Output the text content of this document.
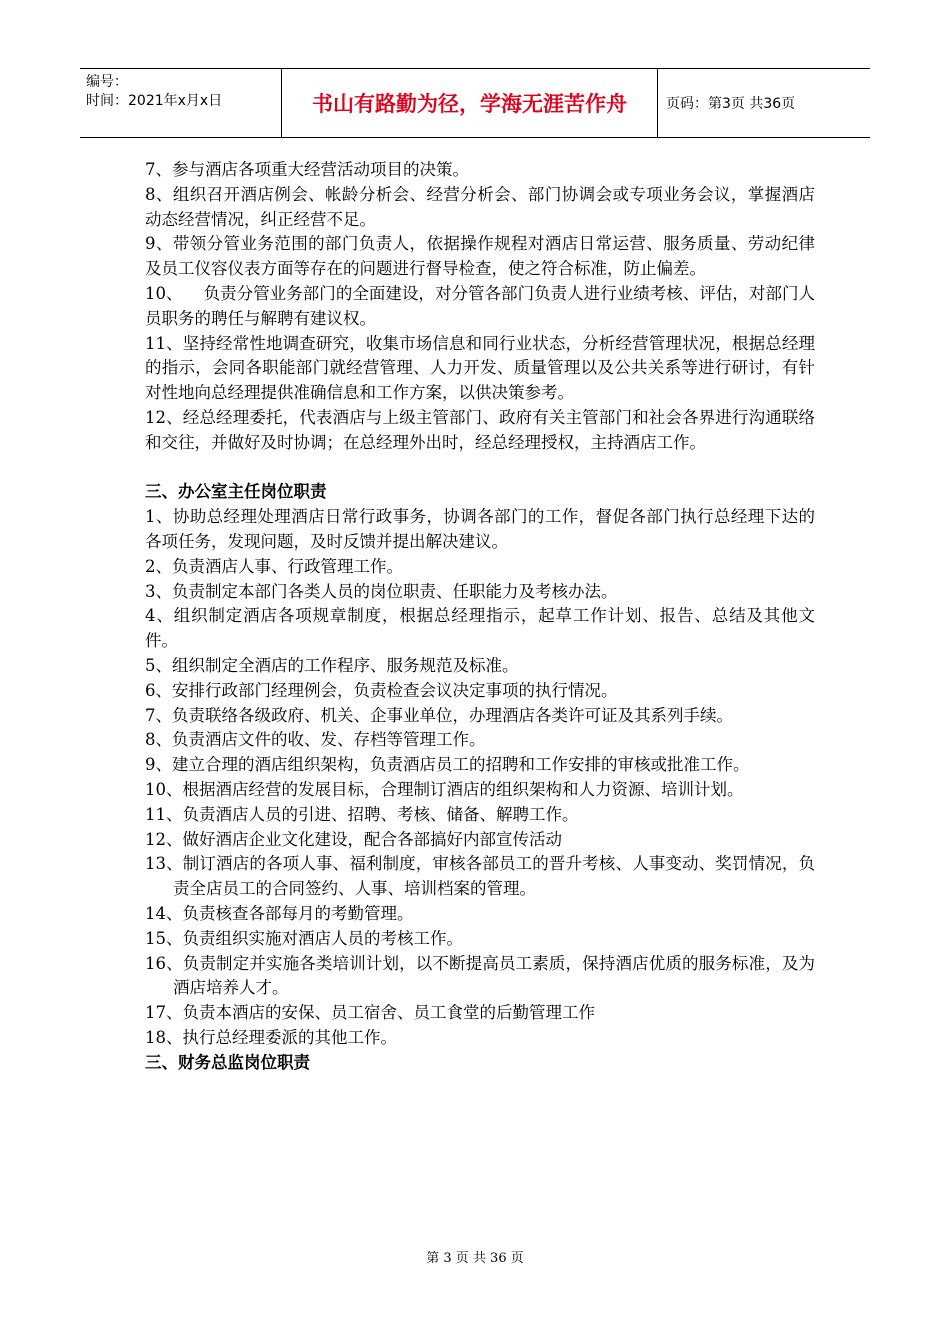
编号：
时间：2021年x月x日	书山有路勤为径，学海无涯苦作舟	页码：第3页 共36页

7、参与酒店各项重大经营活动项目的决策。

8、组织召开酒店例会、帐龄分析会、经营分析会、部门协调会或专项业务会议，掌握酒店动态经营情况，纠正经营不足。

9、带领分管业务范围的部门负责人，依据操作规程对酒店日常运营、服务质量、劳动纪律及员工仪容仪表方面等存在的问题进行督导检查，使之符合标准，防止偏差。

10、    负责分管业务部门的全面建设，对分管各部门负责人进行业绩考核、评估，对部门人员职务的聘任与解聘有建议权。

11、坚持经常性地调查研究，收集市场信息和同行业状态，分析经营管理状况，根据总经理的指示，会同各职能部门就经营管理、人力开发、质量管理以及公共关系等进行研讨，有针对性地向总经理提供准确信息和工作方案，以供决策参考。

12、经总经理委托，代表酒店与上级主管部门、政府有关主管部门和社会各界进行沟通联络和交往，并做好及时协调；在总经理外出时，经总经理授权，主持酒店工作。

三、办公室主任岗位职责

1、协助总经理处理酒店日常行政事务，协调各部门的工作，督促各部门执行总经理下达的各项任务，发现问题，及时反馈并提出解决建议。

2、负责酒店人事、行政管理工作。

3、负责制定本部门各类人员的岗位职责、任职能力及考核办法。

4、组织制定酒店各项规章制度，根据总经理指示，起草工作计划、报告、总结及其他文件。

5、组织制定全酒店的工作程序、服务规范及标准。

6、安排行政部门经理例会，负责检查会议决定事项的执行情况。

7、负责联络各级政府、机关、企事业单位，办理酒店各类许可证及其系列手续。

8、负责酒店文件的收、发、存档等管理工作。

9、建立合理的酒店组织架构，负责酒店员工的招聘和工作安排的审核或批准工作。

10、根据酒店经营的发展目标，合理制订酒店的组织架构和人力资源、培训计划。

11、负责酒店人员的引进、招聘、考核、储备、解聘工作。

12、做好酒店企业文化建设，配合各部搞好内部宣传活动

13、制订酒店的各项人事、福利制度，审核各部员工的晋升考核、人事变动、奖罚情况，负责全店员工的合同签约、人事、培训档案的管理。

14、负责核查各部每月的考勤管理。

15、负责组织实施对酒店人员的考核工作。

16、负责制定并实施各类培训计划，以不断提高员工素质，保持酒店优质的服务标准，及为酒店培养人才。

17、负责本酒店的安保、员工宿舍、员工食堂的后勤管理工作

18、执行总经理委派的其他工作。

三、财务总监岗位职责

第 3 页 共 36 页
